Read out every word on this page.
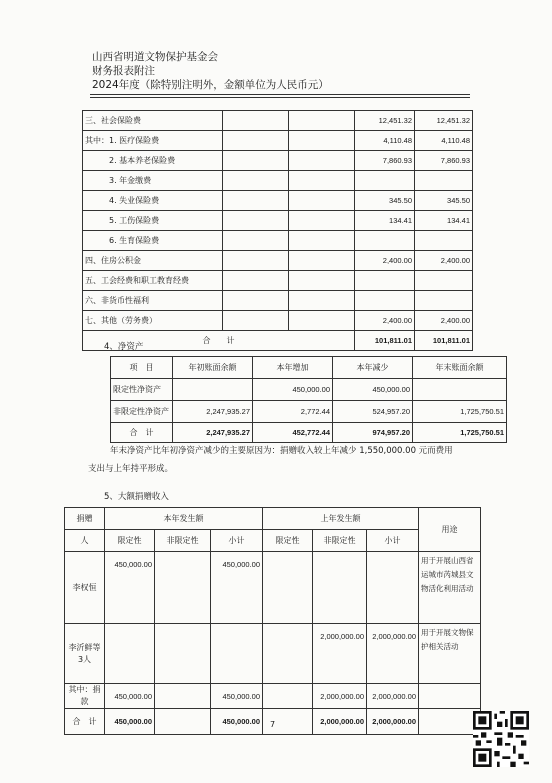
山西省明道文物保护基金会
财务报表附注
2024年度（除特别注明外，金额单位为人民币元）
三、社会保险费			12,451.32	12,451.32
其中：1. 医疗保险费			4,110.48	4,110.48
　　　2. 基本养老保险费			7,860.93	7,860.93
　　　3. 年金缴费				
　　　4. 失业保险费			345.50	345.50
　　　5. 工伤保险费			134.41	134.41
　　　6. 生育保险费				
四、住房公积金			2,400.00	2,400.00
五、工会经费和职工教育经费				
六、非货币性福利				
七、其他（劳务费）			2,400.00	2,400.00
合　　计			101,811.01	101,811.01
4、净资产
项　目	年初账面余额	本年增加	本年减少	年末账面余额
限定性净资产		450,000.00	450,000.00	
非限定性净资产	2,247,935.27	2,772.44	524,957.20	1,725,750.51
合　计	2,247,935.27	452,772.44	974,957.20	1,725,750.51
年末净资产比年初净资产减少的主要原因为：捐赠收入较上年减少 1,550,000.00 元而费用
支出与上年持平形成。
5、大额捐赠收入
捐赠	本年发生额			上年发生额			用途
人	限定性	非限定性	小计	限定性	非限定性	小计	
李权恒	450,000.00		450,000.00				用于开展山西省运城市芮城县文物活化利用活动
李沂鲜等3人					2,000,000.00	2,000,000.00	用于开展文物保护相关活动
其中：捐款	450,000.00		450,000.00		2,000,000.00	2,000,000.00	
合　计	450,000.00		450,000.00		2,000,000.00	2,000,000.00	
7
